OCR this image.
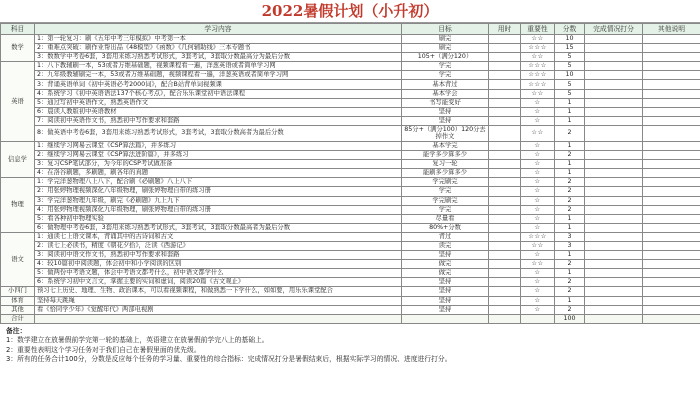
2022暑假计划（小升初）
科目	学习内容	目标	用时	重要性	分数	完成情况打分	其他说明
数学	1：第一轮复习：刷《五年中考三年模拟》中考第一本	刷完		☆☆	10		
	2：重难点突破：刷作业帮出品《48模型》《函数》《几何辅助线》三本专题书	刷完		☆☆☆	15		
	3：数数学中考卷6套，3套用来练习熟悉考试形式，3套考试，3套取分数最高分为最后分数	105+（满分120）		☆☆	5		
英语	1：八下教辅刷一本，53或者万维基础题，视频课程看一遍，洋葱英语或者简单学习网	学完		☆☆☆	5		
	2：九年级教辅刷完一本，53或者万维基础题，视频课程看一遍，洋葱英语或者简单学习网	学完		☆☆☆	10		
	3：背诵英语单词《初中英语必考2000词》，配合B站背单词视频课	基本背过		☆☆☆	5		
	4：系统学习《初中英语语法137个核心考点》，配合乐乐课堂初中语法课程	基本学会		☆☆	5		
	5：通过写初中英语作文，熟悉英语作文	书写能变好		☆	1		
	6：晨读人教版初中英语教材	坚持		☆	1		
	7：阅读初中英语作文书，熟悉初中写作要求和套路	坚持		☆	1		
	8：做英语中考卷6套，3套用来练习熟悉考试形式，3套考试，3套取分数高者为最后分数	85分+（满分100）120分去掉作文		☆☆	2		
信息学	1：继续学习网易云课堂《CSP算法篇》，并多练习	基本学完		☆	1		
	2：继续学习网易云课堂《CSP算法进阶篇》，并多练习	能学多少算多少		☆	2		
	3：复习CSP笔试部分，为今年的CSP考试做准备	复习一轮		☆	1		
	4：在洛谷刷题，多刷题，刷各年的真题	能刷多少算多少		☆	1		
物理	1：学完洋葱物理八上八下，配合刷《必刷题》八上八下	学完刷完		☆	2		
	2：用张婷物理视频深化八年级物理，刷张婷物理自带的练习册	学完		☆	2		
	3：学完洋葱物理九年级，刷完《必刷题》九上九下	学完刷完		☆	2		
	4：用张婷物理视频深化九年级物理，刷张婷物理自带的练习册	学完		☆	2		
	5：看各种初中物理实验	尽量看		☆	1		
	6：做物理中考卷6套，3套用来练习熟悉考试形式，3套考试，3套取分数最高者为最后分数	80%+分数		☆	1		
语文	1：通读七上语文课本，背诵其中的古诗词和古文	背过		☆☆☆	3		
	2：读七上必读书，精度《朝花夕拾》，泛读《西游记》	读完		☆☆	3		
	3：阅读初中语文作文书，熟悉初中写作要求和套路	坚持		☆	1		
	4：较10篇初中阅读题，体会初中和小学阅读的区别	做完		☆☆	2		
	5：做两份中考语文题，体会中考语文都考什么，初中语文都学什么	做完		☆	1		
	6：系统学习初中文言文，掌握主要的实词和虚词，阅读20篇《古文观止》	坚持		☆	2		
小四门	预习七上历史、地理、生物、政治课本，可以看视频课程，和做熟悉一下学什么，如如要，用乐乐课堂配合	坚持		☆	2		
体育	坚持每天跳绳	坚持		☆	1		
其他	看《恰同学少年》《觉醒年代》两部电视剧	坚持		☆	2		
合计					100		
备注：
1：数学建立在放暑假前学完第一轮的基础上，英语建立在放暑假前学完八上的基础上。
2：重要性表明这个学习任务对于我们自己在暑假里面的优先级。
3：所有的任务合计100分，分数是反应每个任务的学习量、重要性的综合指标：完成情况打分是暑假结束后，根据实际学习的情况、进度进行打分。
